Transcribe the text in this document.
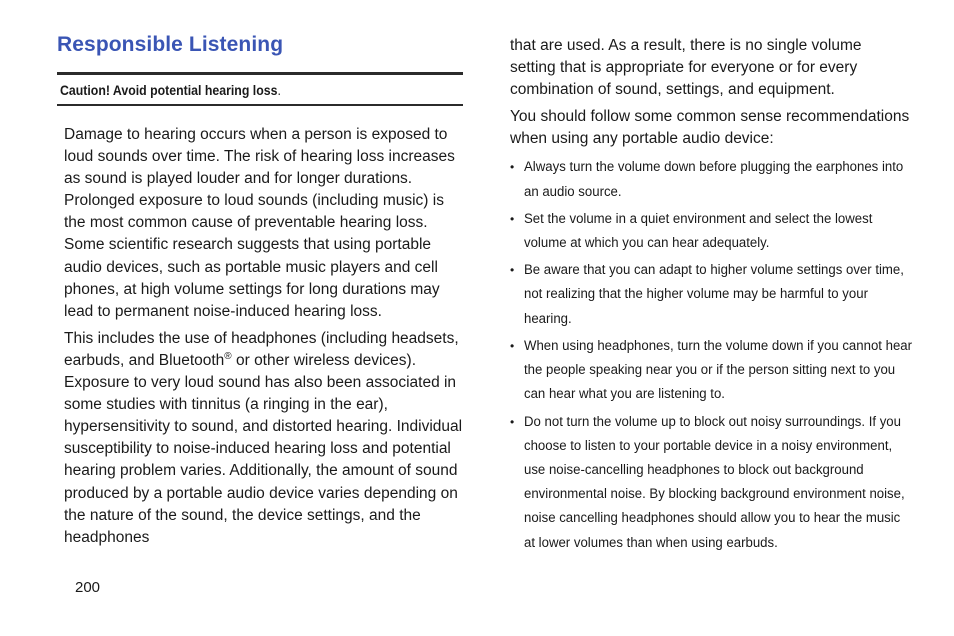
Responsible Listening
Caution! Avoid potential hearing loss.

Damage to hearing occurs when a person is exposed to loud sounds over time. The risk of hearing loss increases as sound is played louder and for longer durations. Prolonged exposure to loud sounds (including music) is the most common cause of preventable hearing loss. Some scientific research suggests that using portable audio devices, such as portable music players and cell phones, at high volume settings for long durations may lead to permanent noise-induced hearing loss.

This includes the use of headphones (including headsets, earbuds, and Bluetooth® or other wireless devices). Exposure to very loud sound has also been associated in some studies with tinnitus (a ringing in the ear), hypersensitivity to sound, and distorted hearing. Individual susceptibility to noise-induced hearing loss and potential hearing problem varies. Additionally, the amount of sound produced by a portable audio device varies depending on the nature of the sound, the device settings, and the headphones

that are used. As a result, there is no single volume setting that is appropriate for everyone or for every combination of sound, settings, and equipment.

You should follow some common sense recommendations when using any portable audio device:

• Always turn the volume down before plugging the earphones into an audio source.
• Set the volume in a quiet environment and select the lowest volume at which you can hear adequately.
• Be aware that you can adapt to higher volume settings over time, not realizing that the higher volume may be harmful to your hearing.
• When using headphones, turn the volume down if you cannot hear the people speaking near you or if the person sitting next to you can hear what you are listening to.
• Do not turn the volume up to block out noisy surroundings. If you choose to listen to your portable device in a noisy environment, use noise-cancelling headphones to block out background environmental noise. By blocking background environment noise, noise cancelling headphones should allow you to hear the music at lower volumes than when using earbuds.
200
